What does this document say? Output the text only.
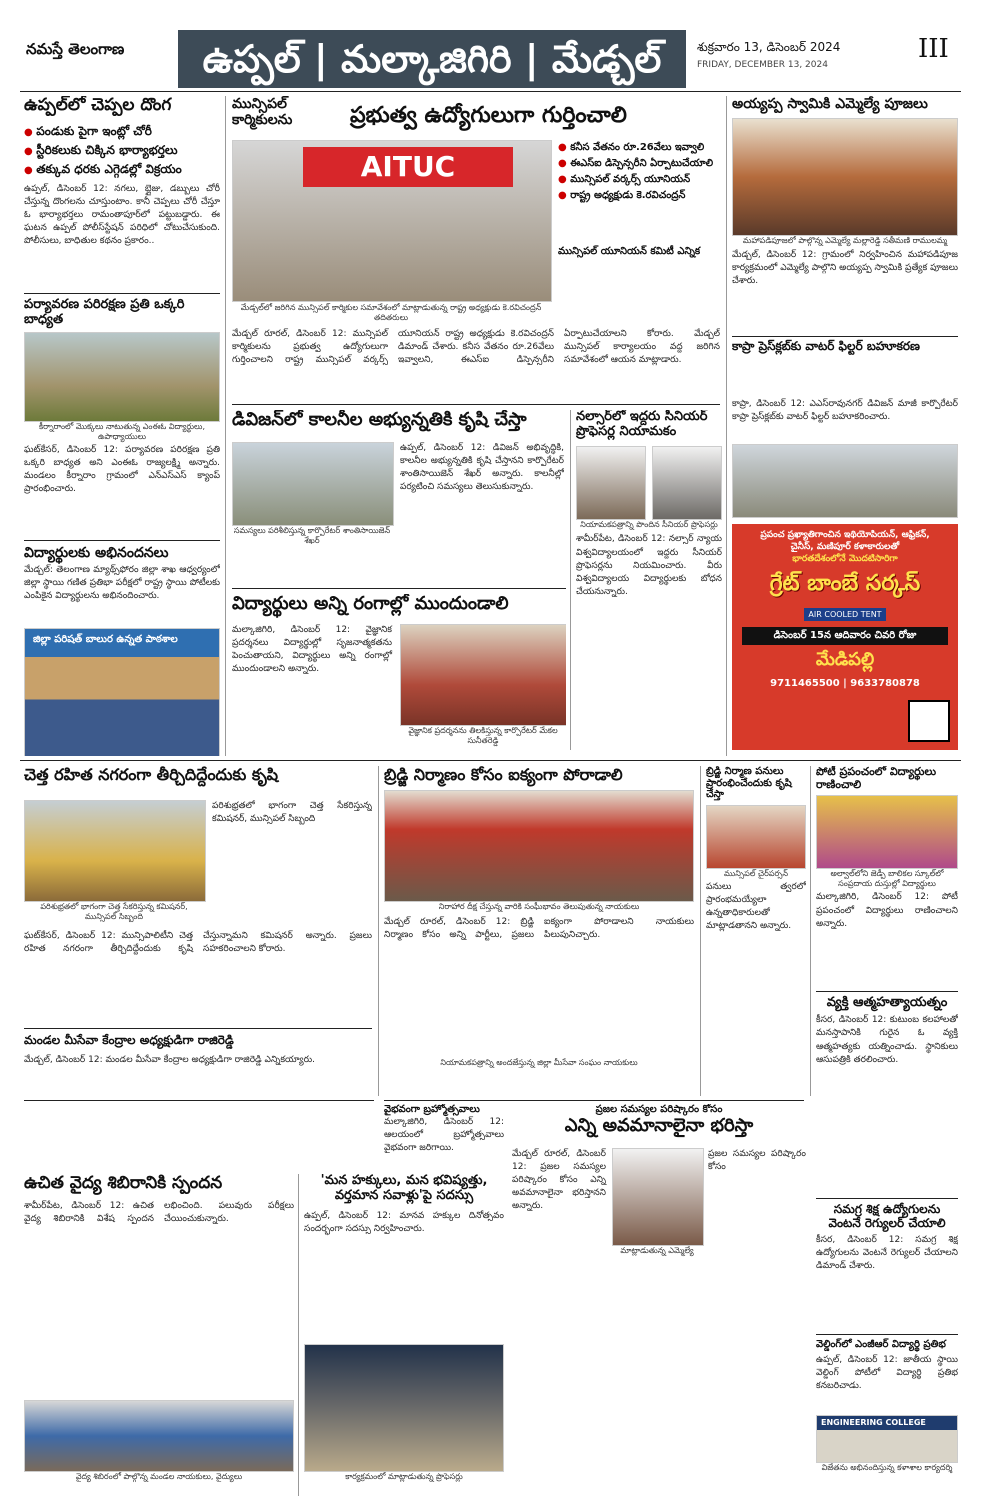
నమస్తే తెలంగాణ	ఉప్పల్ | మల్కాజిగిరి | మేడ్చల్	శుక్రవారం 13, డిసెంబర్ 2024
FRIDAY, DECEMBER 13, 2024
III
ఉప్పల్‌లో చెప్పల దొంగ
● పండుకు పైగా ఇంట్లో చోరీ
● స్టీరికలుకు చిక్కిన భార్యాభర్తలు
● తక్కువ ధరకు ఎగ్గెడల్లో విక్రయం
ఉప్పల్, డిసెంబర్ 12: నగలు, బ్లైజు, డబ్బులు చోరీ చేస్తున్న దొంగలను చూస్తుంటాం. కానీ చెప్పలు చోరీ చేస్తూ ఓ భార్యాభర్తలు రామంతాపూర్‌లో పట్టుబడ్డారు. ఈ ఘటన ఉప్పల్ పోలీస్‌స్టేషన్ పరిధిలో చోటుచేసుకుంది. పోలీసులు, బాధితుల కథనం ప్రకారం..
పర్యావరణ పరిరక్షణ ప్రతి ఒక్కరి బాధ్యత
కీర్నారాంలో మొక్కలు నాటుతున్న ఎంఈఓ విద్యార్థులు, ఉపాధ్యాయులు
ఘట్‌కేసర్, డిసెంబర్ 12: పర్యావరణ పరిరక్షణ ప్రతి ఒక్కరి బాధ్యత అని ఎంఈఓ రాజ్యలక్ష్మి అన్నారు. మండలం కీర్నారాం గ్రామంలో ఎన్‌ఎస్‌ఎస్ క్యాంప్ ప్రారంభించారు.
విద్యార్థులకు అభినందనలు
మేడ్చల్: తెలంగాణ మ్యాథ్స్‌ఫోరం జిల్లా శాఖ ఆధ్వర్యంలో జిల్లా స్థాయి గణిత ప్రతిభా పరీక్షలో రాష్ట్ర స్థాయి పోటీలకు ఎంపికైన విద్యార్థులను అభినందించారు.
జిల్లా పరిషత్ బాలుర ఉన్నత పాఠశాల
మున్సిపల్ కార్మికులను	ప్రభుత్వ ఉద్యోగులుగా గుర్తించాలి
AITUC
మేడ్చల్‌లో జరిగిన మున్సిపల్ కార్మికుల సమావేశంలో మాట్లాడుతున్న రాష్ట్ర అధ్యక్షుడు కె.రవిచంద్రన్ తదితరులు
● కనీస వేతనం రూ.26వేలు ఇవ్వాలి
● ఈఎస్ఐ డిస్పెన్సరీని ఏర్పాటుచేయాలి
● మున్సిపల్ వర్కర్స్ యూనియన్
● రాష్ట్ర అధ్యక్షుడు కె.రవిచంద్రన్
మున్సిపల్ యూనియన్ కమిటీ ఎన్నిక
మేడ్చల్ రూరల్, డిసెంబర్ 12: మున్సిపల్ కార్మికులను ప్రభుత్వ ఉద్యోగులుగా గుర్తించాలని రాష్ట్ర మున్సిపల్ వర్కర్స్ యూనియన్ రాష్ట్ర అధ్యక్షుడు కె.రవిచంద్రన్ డిమాండ్ చేశారు. కనీస వేతనం రూ.26వేలు ఇవ్వాలని, ఈఎస్ఐ డిస్పెన్సరీని ఏర్పాటుచేయాలని కోరారు. మేడ్చల్ మున్సిపల్ కార్యాలయం వద్ద జరిగిన సమావేశంలో ఆయన మాట్లాడారు.
డివిజన్‌లో కాలనీల అభ్యున్నతికి కృషి చేస్తా
సమస్యలు పరిశీలిస్తున్న కార్పొరేటర్ శాంతిసాయిజెన్ శేఖర్
ఉప్పల్, డిసెంబర్ 12: డివిజన్ అభివృద్ధికి, కాలనీల అభ్యున్నతికి కృషి చేస్తానని కార్పొరేటర్ శాంతిసాయిజెన్ శేఖర్ అన్నారు. కాలనీల్లో పర్యటించి సమస్యలు తెలుసుకున్నారు.
నల్సార్‌లో ఇద్దరు సీనియర్ ప్రొఫెసర్ల నియామకం
నియామకపత్రాన్ని పొందిన సీనియర్ ప్రొఫెసర్లు
శామీర్‌పేట, డిసెంబర్ 12: నల్సార్ న్యాయ విశ్వవిద్యాలయంలో ఇద్దరు సీనియర్ ప్రొఫెసర్లను నియమించారు. వీరు విశ్వవిద్యాలయ విద్యార్థులకు బోధన చేయనున్నారు.
విద్యార్థులు అన్ని రంగాల్లో ముందుండాలి
మల్కాజిగిరి, డిసెంబర్ 12: వైజ్ఞానిక ప్రదర్శనలు విద్యార్థుల్లో సృజనాత్మకతను పెంచుతాయని, విద్యార్థులు అన్ని రంగాల్లో ముందుండాలని అన్నారు.
వైజ్ఞానిక ప్రదర్శనను తిలకిస్తున్న కార్పొరేటర్ మేకల సునీతరెడ్డి
అయ్యప్ప స్వామికి ఎమ్మెల్యే పూజలు
మహాపడిపూజలో పాల్గొన్న ఎమ్మెల్యే మల్లారెడ్డి సతీమణి రాములమ్మ
మేడ్చల్, డిసెంబర్ 12: గ్రామంలో నిర్వహించిన మహాపడిపూజ కార్యక్రమంలో ఎమ్మెల్యే పాల్గొని అయ్యప్ప స్వామికి ప్రత్యేక పూజలు చేశారు.
కాప్రా ప్రెస్‌క్లబ్‌కు వాటర్ ఫిల్టర్ బహూకరణ
కాప్రా, డిసెంబర్ 12: ఎఎస్‌రావునగర్ డివిజన్ మాజీ కార్పొరేటర్ కాప్రా ప్రెస్‌క్లబ్‌కు వాటర్ ఫిల్టర్ బహూకరించారు.
ప్రపంచ ప్రఖ్యాతిగాంచిన ఇథియోపియన్, ఆఫ్రికన్,
చైనీస్, మణిపూర్ కళాకారులతో
భారతదేశంలోనే మొదటిసారిగా
గ్రేట్ బాంబే సర్కస్
AIR COOLED TENT
డిసెంబర్ 15న ఆదివారం చివరి రోజు
మేడిపల్లి
9711465500 | 9633780878
చెత్త రహిత నగరంగా తీర్చిదిద్దేందుకు కృషి
పరిశుభ్రతలో భాగంగా చెత్త సేకరిస్తున్న కమిషనర్, మున్సిపల్ సిబ్బంది
ఘట్‌కేసర్, డిసెంబర్ 12: మున్సిపాలిటీని చెత్త రహిత నగరంగా తీర్చిదిద్దేందుకు కృషి చేస్తున్నామని కమిషనర్ అన్నారు. ప్రజలు సహకరించాలని కోరారు.
పరిశుభ్రతలో భాగంగా చెత్త సేకరిస్తున్న కమిషనర్, మున్సిపల్ సిబ్బంది
మండల మీసేవా కేంద్రాల అధ్యక్షుడిగా రాజిరెడ్డి
మేడ్చల్, డిసెంబర్ 12: మండల మీసేవా కేంద్రాల అధ్యక్షుడిగా రాజిరెడ్డి ఎన్నికయ్యారు.
బ్రిడ్జి నిర్మాణం కోసం ఐక్యంగా పోరాడాలి
నిరాహార దీక్ష చేస్తున్న వారికి సంఘీభావం తెలుపుతున్న నాయకులు
మేడ్చల్ రూరల్, డిసెంబర్ 12: బ్రిడ్జి నిర్మాణం కోసం అన్ని పార్టీలు, ప్రజలు ఐక్యంగా పోరాడాలని నాయకులు పిలుపునిచ్చారు.
నియామకపత్రాన్ని అందజేస్తున్న జిల్లా మీసేవా సంఘం నాయకులు
బ్రిడ్జి నిర్మాణ పనులు ప్రారంభించేందుకు కృషి చేస్తా
మున్సిపల్ చైర్‌పర్సన్
పనులు త్వరలో ప్రారంభమయ్యేలా ఉన్నతాధికారులతో మాట్లాడతానని అన్నారు.
పోటీ ప్రపంచంలో విద్యార్థులు రాణించాలి
అల్వాల్‌లోని జెడ్పీ బాలికల స్కూల్‌లో సంప్రదాయ దుస్తుల్లో విద్యార్థులు
మల్కాజిగిరి, డిసెంబర్ 12: పోటీ ప్రపంచంలో విద్యార్థులు రాణించాలని అన్నారు.
వ్యక్తి ఆత్మహత్యాయత్నం
కీసర, డిసెంబర్ 12: కుటుంబ కలహాలతో మనస్తాపానికి గురైన ఓ వ్యక్తి ఆత్మహత్యకు యత్నించాడు. స్థానికులు ఆసుపత్రికి తరలించారు.
సమగ్ర శిక్ష ఉద్యోగులను వెంటనే రెగ్యులర్ చేయాలి
కీసర, డిసెంబర్ 12: సమగ్ర శిక్ష ఉద్యోగులను వెంటనే రెగ్యులర్ చేయాలని డిమాండ్ చేశారు.
వెల్డింగ్‌లో ఎంజీఆర్ విద్యార్థి ప్రతిభ
ఉప్పల్, డిసెంబర్ 12: జాతీయ స్థాయి వెల్డింగ్ పోటీలో విద్యార్థి ప్రతిభ కనబరిచాడు.
ENGINEERING COLLEGE
విజేతను అభినందిస్తున్న కళాశాల కార్యదర్శి
వైభవంగా బ్రహ్మోత్సవాలు
మల్కాజిగిరి, డిసెంబర్ 12: ఆలయంలో బ్రహ్మోత్సవాలు వైభవంగా జరిగాయి.
ప్రజల సమస్యల పరిష్కారం కోసం
ఎన్ని అవమానాలైనా భరిస్తా
మాట్లాడుతున్న ఎమ్మెల్యే
మేడ్చల్ రూరల్, డిసెంబర్ 12: ప్రజల సమస్యల పరిష్కారం కోసం ఎన్ని అవమానాలైనా భరిస్తానని అన్నారు.
ప్రజల సమస్యల పరిష్కారం కోసం
ఉచిత వైద్య శిబిరానికి స్పందన
శామీర్‌పేట, డిసెంబర్ 12: ఉచిత వైద్య శిబిరానికి విశేష స్పందన లభించింది. పలువురు పరీక్షలు చేయించుకున్నారు.
వైద్య శిబిరంలో పాల్గొన్న మండల నాయకులు, వైద్యులు
'మన హక్కులు, మన భవిష్యత్తు, వర్తమాన సవాళ్లు'పై సదస్సు
ఉప్పల్, డిసెంబర్ 12: మానవ హక్కుల దినోత్సవం సందర్భంగా సదస్సు నిర్వహించారు.
కార్యక్రమంలో మాట్లాడుతున్న ప్రొఫెసర్లు
